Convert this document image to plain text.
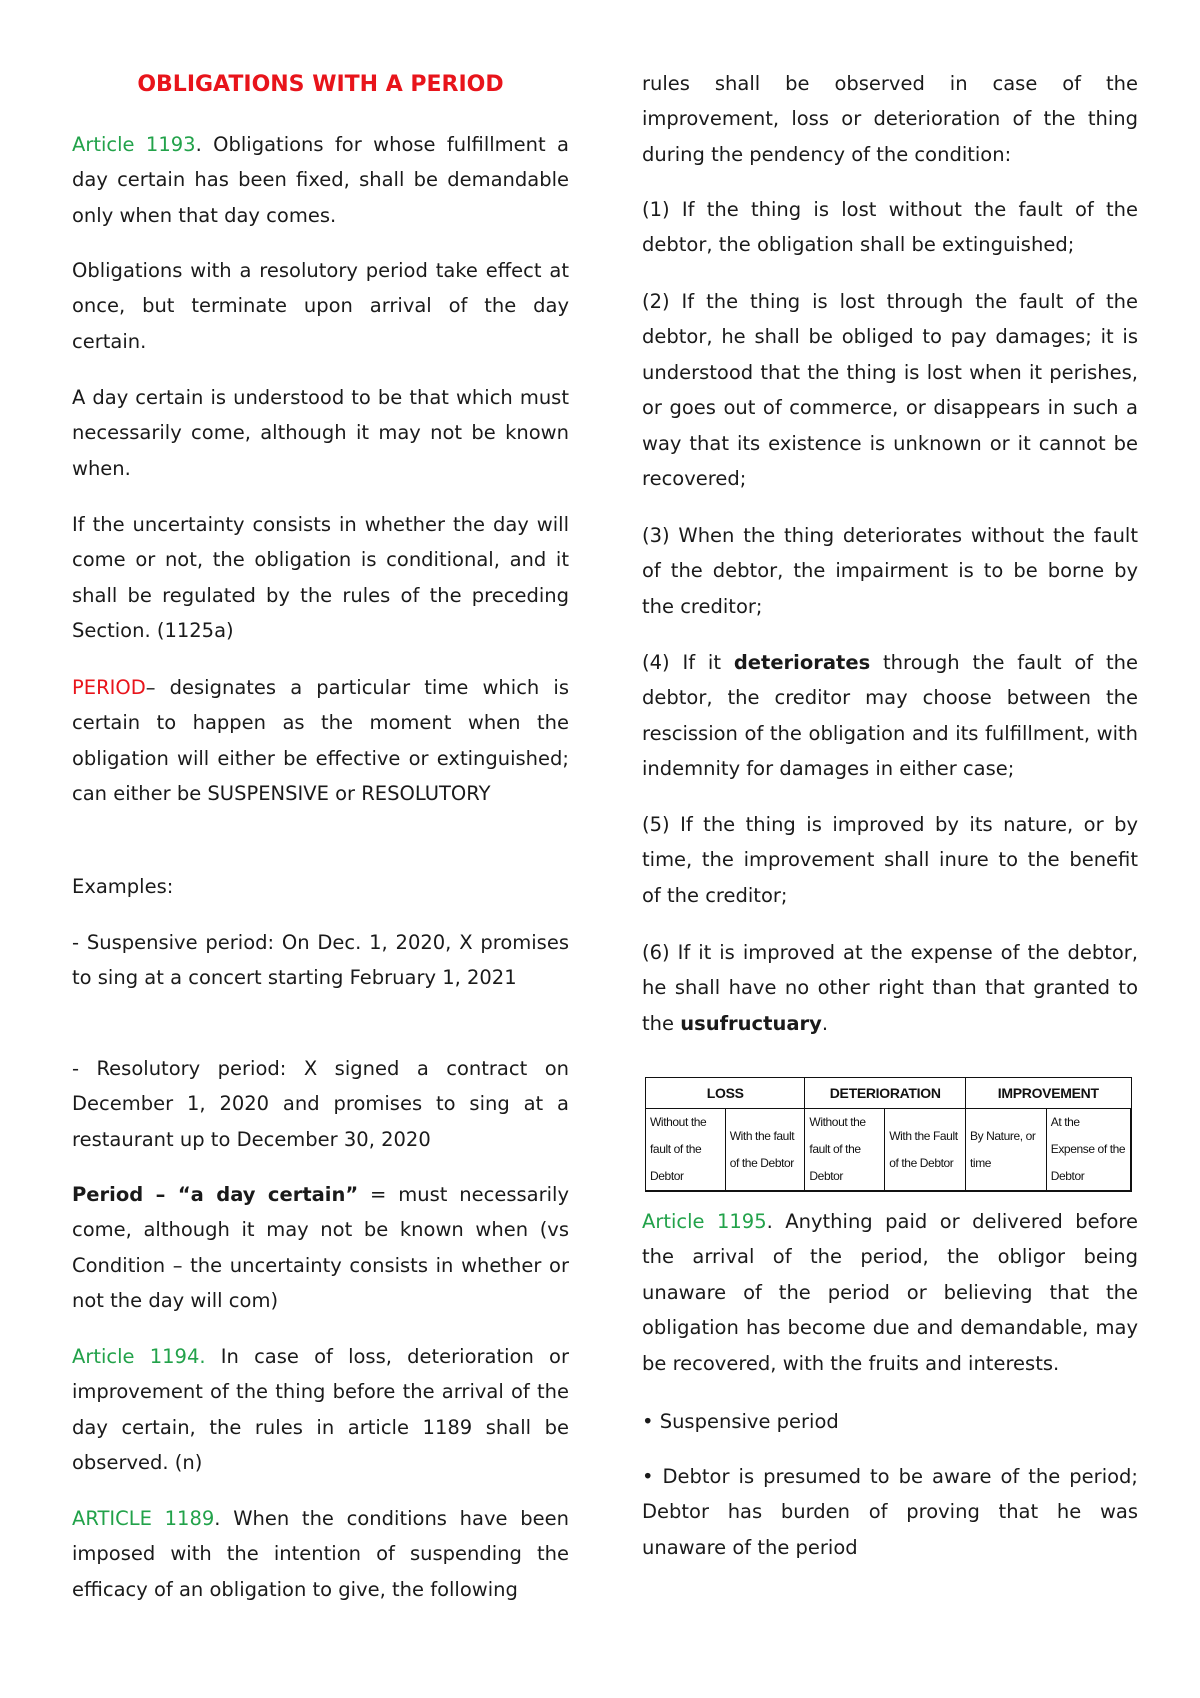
OBLIGATIONS WITH A PERIOD

Article 1193. Obligations for whose fulfillment a day certain has been fixed, shall be demandable only when that day comes.

Obligations with a resolutory period take effect at once, but terminate upon arrival of the day certain.

A day certain is understood to be that which must necessarily come, although it may not be known when.

If the uncertainty consists in whether the day will come or not, the obligation is conditional, and it shall be regulated by the rules of the preceding Section. (1125a)

PERIOD– designates a particular time which is certain to happen as the moment when the obligation will either be effective or extinguished; can either be SUSPENSIVE or RESOLUTORY

Examples:

- Suspensive period: On Dec. 1, 2020, X promises to sing at a concert starting February 1, 2021

- Resolutory period: X signed a contract on December 1, 2020 and promises to sing at a restaurant up to December 30, 2020

Period – “a day certain” = must necessarily come, although it may not be known when (vs Condition – the uncertainty consists in whether or not the day will com)

Article 1194. In case of loss, deterioration or improvement of the thing before the arrival of the day certain, the rules in article 1189 shall be observed. (n)

ARTICLE 1189. When the conditions have been imposed with the intention of suspending the efficacy of an obligation to give, the following

rules shall be observed in case of the improvement, loss or deterioration of the thing during the pendency of the condition:

(1) If the thing is lost without the fault of the debtor, the obligation shall be extinguished;

(2) If the thing is lost through the fault of the debtor, he shall be obliged to pay damages; it is understood that the thing is lost when it perishes, or goes out of commerce, or disappears in such a way that its existence is unknown or it cannot be recovered;

(3) When the thing deteriorates without the fault of the debtor, the impairment is to be borne by the creditor;

(4) If it deteriorates through the fault of the debtor, the creditor may choose between the rescission of the obligation and its fulfillment, with indemnity for damages in either case;

(5) If the thing is improved by its nature, or by time, the improvement shall inure to the benefit of the creditor;

(6) If it is improved at the expense of the debtor, he shall have no other right than that granted to the usufructuary.

Article 1195. Anything paid or delivered before the arrival of the period, the obligor being unaware of the period or believing that the obligation has become due and demandable, may be recovered, with the fruits and interests.

• Suspensive period

• Debtor is presumed to be aware of the period; Debtor has burden of proving that he was unaware of the period

LOSS		DETERIORATION		IMPROVEMENT	
Without the fault of the Debtor	With the fault of the Debtor	Without the fault of the Debtor	With the Fault of the Debtor	By Nature, or time	At the Expense of the Debtor
